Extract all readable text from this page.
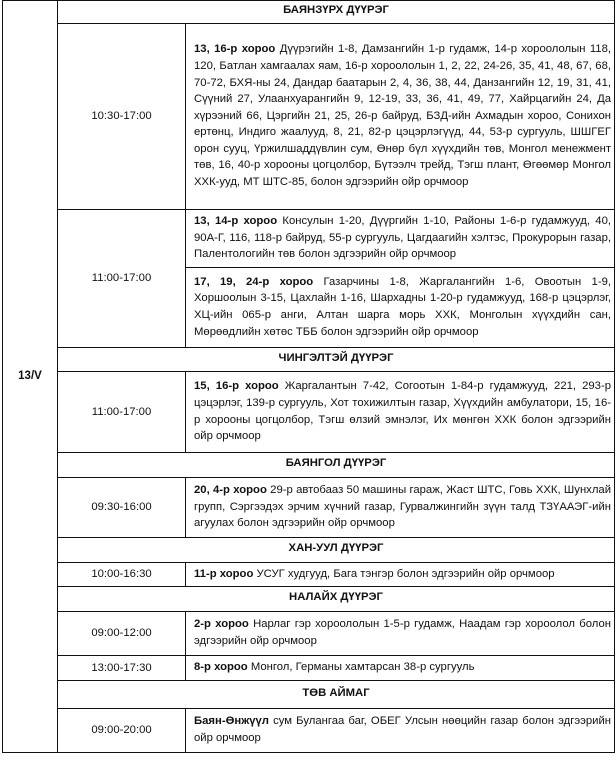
13/V	БАЯНЗҮРХ ДҮҮРЭГ	
	10:30-17:00	13, 16-р хороо Дүүрэгийн 1-8, Дамзангийн 1-р гудамж, 14-р хороололын 118, 120, Батлан хамгаалах яам, 16-р хороололын 1, 2, 22, 24-26, 35, 41, 48, 67, 68, 70-72, БХЯ-ны 24, Дандар баатарын 2, 4, 36, 38, 44, Данзангийн 12, 19, 31, 41, Сүүний 27, Улаанхуарангийн 9, 12-19, 33, 36, 41, 49, 77, Хайрцагийн 24, Да хүрээний 66, Цэргийн 21, 25, 26-р байруд, БЗД-ийн Ахмадын хороо, Сонихон ертөнц, Индиго жаалууд, 8, 21, 82-р цэцэрлэгүүд, 44, 53-р сургууль, ШШГЕГ орон сууц, Үржилшаддүвлин сум, Өнөр бүл хүүхдийн төв, Монгол менежмент төв, 16, 40-р хорооны цогцолбор, Бүтээлч трейд, Тэгш плант, Өгөөмөр Монгол ХХК-ууд, МТ ШТС-85, болон эдгээрийн ойр орчмоор
	11:00-17:00	13, 14-р хороо Консулын 1-20, Дүүргийн 1-10, Районы 1-6-р гудамжууд, 40, 90А-Г, 116, 118-р байруд, 55-р сургууль, Цагдаагийн хэлтэс, Прокурорын газар, Палентологийн төв болон эдгээрийн ойр орчмоор
		17, 19, 24-р хороо Газарчины 1-8, Жаргалангийн 1-6, Овоотын 1-9, Хоршоолын 3-15, Цахлайн 1-16, Шархадны 1-20-р гудамжууд, 168-р цэцэрлэг, ХЦ-ийн 065-р анги, Алтан шарга морь ХХК, Монголын хүүхдийн сан, Мөрөөдлийн хөтөс ТББ болон эдгээрийн ойр орчмоор
	ЧИНГЭЛТЭЙ ДҮҮРЭГ	
	11:00-17:00	15, 16-р хороо Жаргалантын 7-42, Согоотын 1-84-р гудамжууд, 221, 293-р цэцэрлэг, 139-р сургууль, Хот тохижилтын газар, Хүүхдийн амбулатори, 15, 16-р хорооны цогцолбор, Тэгш өлзий эмнэлэг, Их мөнгөн ХХК болон эдгээрийн ойр орчмоор
	БАЯНГОЛ ДҮҮРЭГ	
	09:30-16:00	20, 4-р хороо 29-р автобааз 50 машины гараж, Жаст ШТС, Говь ХХК, Шунхлай групп, Сэргээдэх эрчим хүчний газар, Гурвалжингийн зүүн талд ТЗҮААЭГ-ийн агуулах болон эдгээрийн ойр орчмоор
	ХАН-УУЛ ДҮҮРЭГ	
	10:00-16:30	11-р хороо УСУГ худгууд, Бага тэнгэр болон эдгээрийн ойр орчмоор
	НАЛАЙХ ДҮҮРЭГ	
	09:00-12:00	2-р хороо Нарлаг гэр хороололын 1-5-р гудамж, Наадам гэр хороолол болон эдгээрийн ойр орчмоор
	13:00-17:30	8-р хороо Монгол, Германы хамтарсан 38-р сургууль
	ТӨВ АЙМАГ	
	09:00-20:00	Баян-Өнжүүл сум Булангаа баг, ОБЕГ Улсын нөөцийн газар болон эдгээрийн ойр орчмоор
